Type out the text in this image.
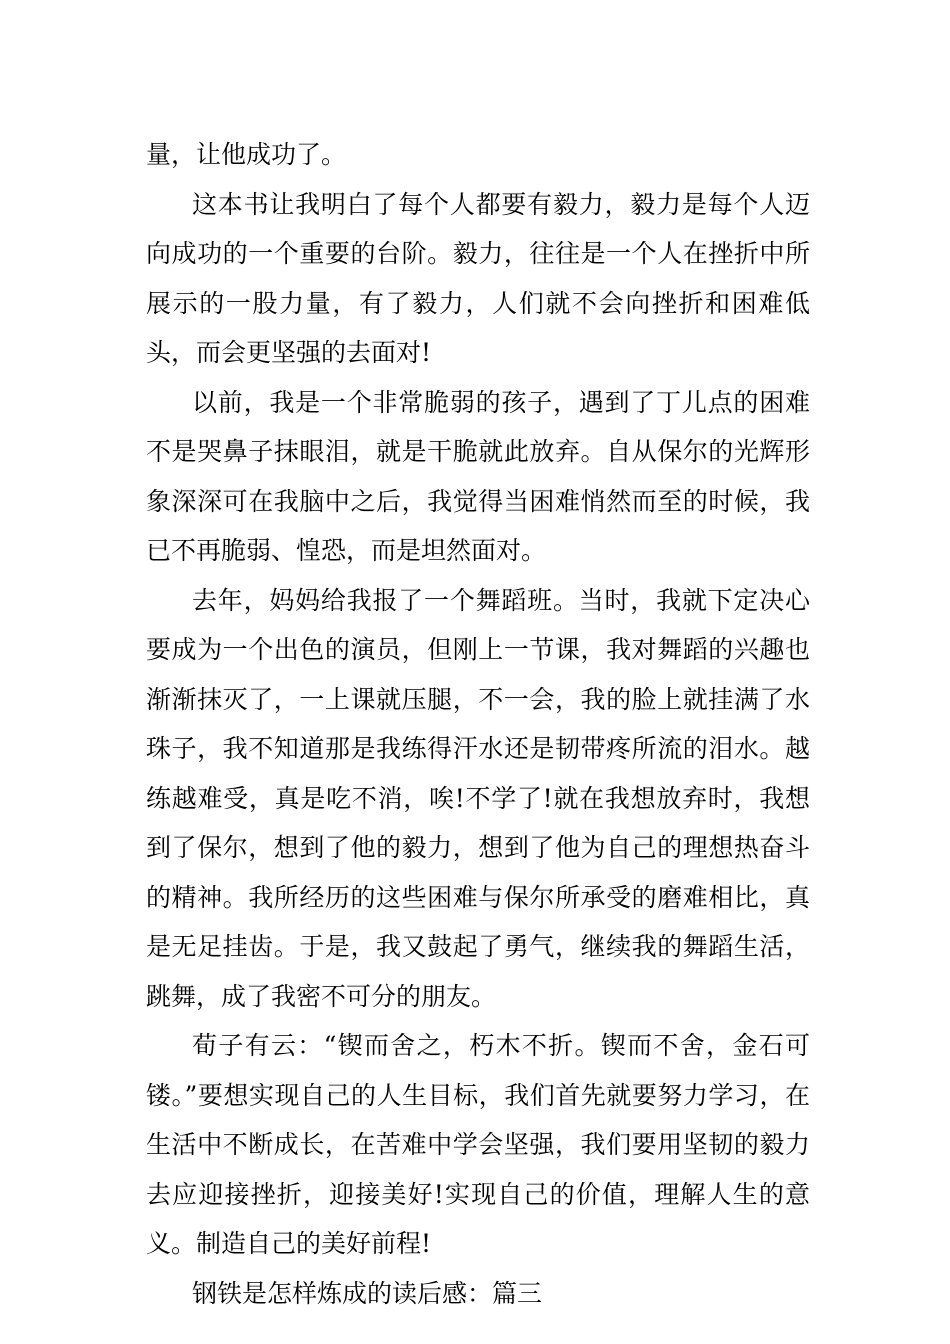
量，让他成功了。

这本书让我明白了每个人都要有毅力，毅力是每个人迈向成功的一个重要的台阶。毅力，往往是一个人在挫折中所展示的一股力量，有了毅力，人们就不会向挫折和困难低头，而会更坚强的去面对!

以前，我是一个非常脆弱的孩子，遇到了丁儿点的困难不是哭鼻子抹眼泪，就是干脆就此放弃。自从保尔的光辉形象深深可在我脑中之后，我觉得当困难悄然而至的时候，我已不再脆弱、惶恐，而是坦然面对。

去年，妈妈给我报了一个舞蹈班。当时，我就下定决心要成为一个出色的演员，但刚上一节课，我对舞蹈的兴趣也渐渐抹灭了，一上课就压腿，不一会，我的脸上就挂满了水珠子，我不知道那是我练得汗水还是韧带疼所流的泪水。越练越难受，真是吃不消，唉!不学了!就在我想放弃时，我想到了保尔，想到了他的毅力，想到了他为自己的理想热奋斗的精神。我所经历的这些困难与保尔所承受的磨难相比，真是无足挂齿。于是，我又鼓起了勇气，继续我的舞蹈生活，跳舞，成了我密不可分的朋友。

荀子有云：“锲而舍之，朽木不折。锲而不舍，金石可镂。”要想实现自己的人生目标，我们首先就要努力学习，在生活中不断成长，在苦难中学会坚强，我们要用坚韧的毅力去应迎接挫折，迎接美好!实现自己的价值，理解人生的意义。制造自己的美好前程!

钢铁是怎样炼成的读后感：篇三
